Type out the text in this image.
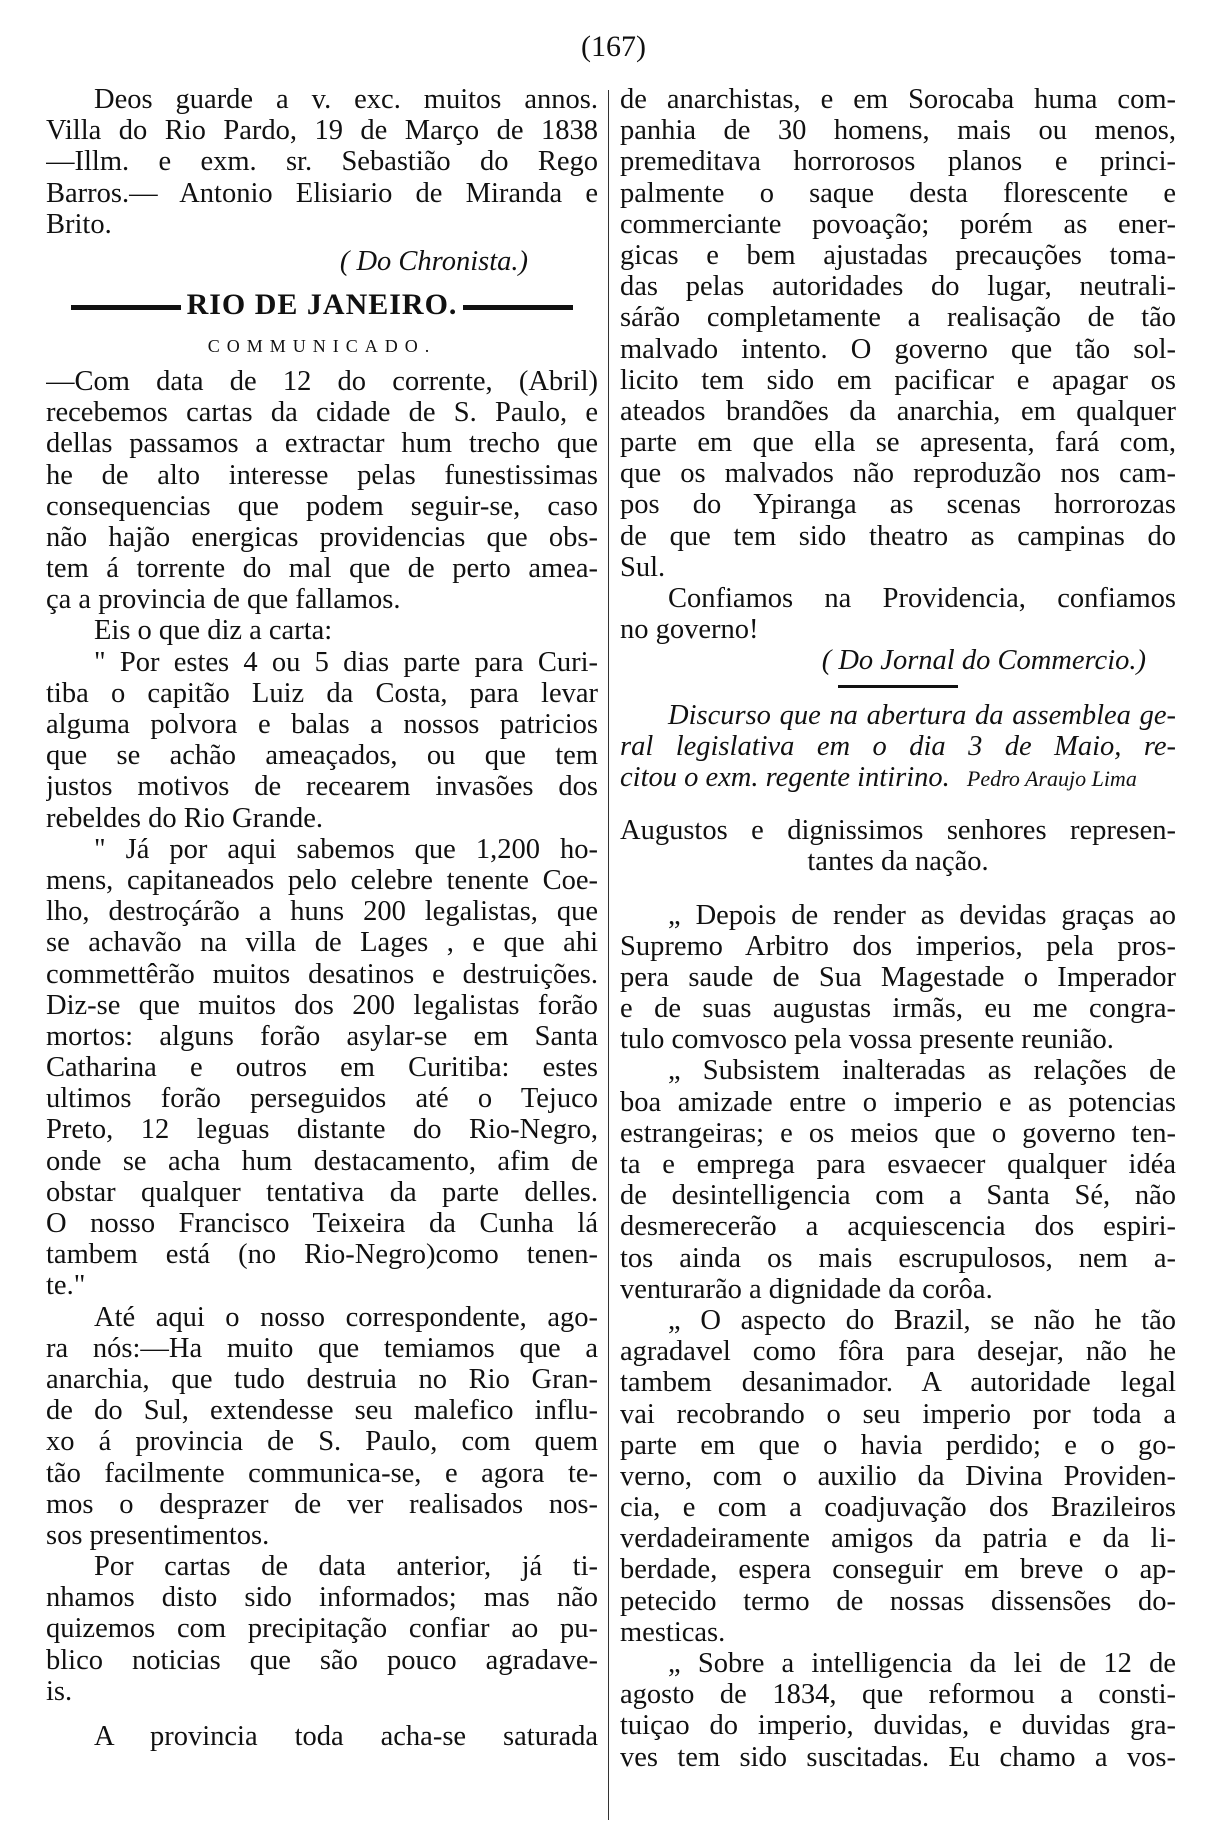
(167)
Deos guarde a v. exc. muitos annos.
Villa do Rio Pardo, 19 de Março de 1838
—Illm. e exm. sr. Sebastião do Rego
Barros.— Antonio Elisiario de Miranda e
Brito.
( Do Chronista.)
RIO DE JANEIRO.
COMMUNICADO.
—Com data de 12 do corrente, (Abril)
recebemos cartas da cidade de S. Paulo, e
dellas passamos a extractar hum trecho que
he de alto interesse pelas funestissimas
consequencias que podem seguir-se, caso
não hajão energicas providencias que obs-
tem á torrente do mal que de perto amea-
ça a provincia de que fallamos.
Eis o que diz a carta:
" Por estes 4 ou 5 dias parte para Curi-
tiba o capitão Luiz da Costa, para levar
alguma polvora e balas a nossos patricios
que se achão ameaçados, ou que tem
justos motivos de recearem invasões dos
rebeldes do Rio Grande.
" Já por aqui sabemos que 1,200 ho-
mens, capitaneados pelo celebre tenente Coe-
lho, destroçárão a huns 200 legalistas, que
se achavão na villa de Lages , e que ahi
commettêrão muitos desatinos e destruições.
Diz-se que muitos dos 200 legalistas forão
mortos: alguns forão asylar-se em Santa
Catharina e outros em Curitiba: estes
ultimos forão perseguidos até o Tejuco
Preto, 12 leguas distante do Rio-Negro,
onde se acha hum destacamento, afim de
obstar qualquer tentativa da parte delles.
O nosso Francisco Teixeira da Cunha lá
tambem está (no Rio-Negro)como tenen-
te."
Até aqui o nosso correspondente, ago-
ra nós:—Ha muito que temiamos que a
anarchia, que tudo destruia no Rio Gran-
de do Sul, extendesse seu malefico influ-
xo á provincia de S. Paulo, com quem
tão facilmente communica-se, e agora te-
mos o desprazer de ver realisados nos-
sos presentimentos.
Por cartas de data anterior, já ti-
nhamos disto sido informados; mas não
quizemos com precipitação confiar ao pu-
blico noticias que são pouco agradave-
is.
A provincia toda acha-se saturada
de anarchistas, e em Sorocaba huma com-
panhia de 30 homens, mais ou menos,
premeditava horrorosos planos e princi-
palmente o saque desta florescente e
commerciante povoação; porém as ener-
gicas e bem ajustadas precauções toma-
das pelas autoridades do lugar, neutrali-
sárão completamente a realisação de tão
malvado intento. O governo que tão sol-
licito tem sido em pacificar e apagar os
ateados brandões da anarchia, em qualquer
parte em que ella se apresenta, fará com,
que os malvados não reproduzão nos cam-
pos do Ypiranga as scenas horrorozas
de que tem sido theatro as campinas do
Sul.
Confiamos na Providencia, confiamos
no governo!
( Do Jornal do Commercio.)
Discurso que na abertura da assemblea ge-
ral legislativa em o dia 3 de Maio, re-
citou o exm. regente intirino. Pedro Araujo Lima
Augustos e dignissimos senhores represen-
tantes da nação.
„ Depois de render as devidas graças ao
Supremo Arbitro dos imperios, pela pros-
pera saude de Sua Magestade o Imperador
e de suas augustas irmãs, eu me congra-
tulo comvosco pela vossa presente reunião.
„ Subsistem inalteradas as relações de
boa amizade entre o imperio e as potencias
estrangeiras; e os meios que o governo ten-
ta e emprega para esvaecer qualquer idéa
de desintelligencia com a Santa Sé, não
desmerecerão a acquiescencia dos espiri-
tos ainda os mais escrupulosos, nem a-
venturarão a dignidade da corôa.
„ O aspecto do Brazil, se não he tão
agradavel como fôra para desejar, não he
tambem desanimador. A autoridade legal
vai recobrando o seu imperio por toda a
parte em que o havia perdido; e o go-
verno, com o auxilio da Divina Providen-
cia, e com a coadjuvação dos Brazileiros
verdadeiramente amigos da patria e da li-
berdade, espera conseguir em breve o ap-
petecido termo de nossas dissensões do-
mesticas.
„ Sobre a intelligencia da lei de 12 de
agosto de 1834, que reformou a consti-
tuiçao do imperio, duvidas, e duvidas gra-
ves tem sido suscitadas. Eu chamo a vos-
